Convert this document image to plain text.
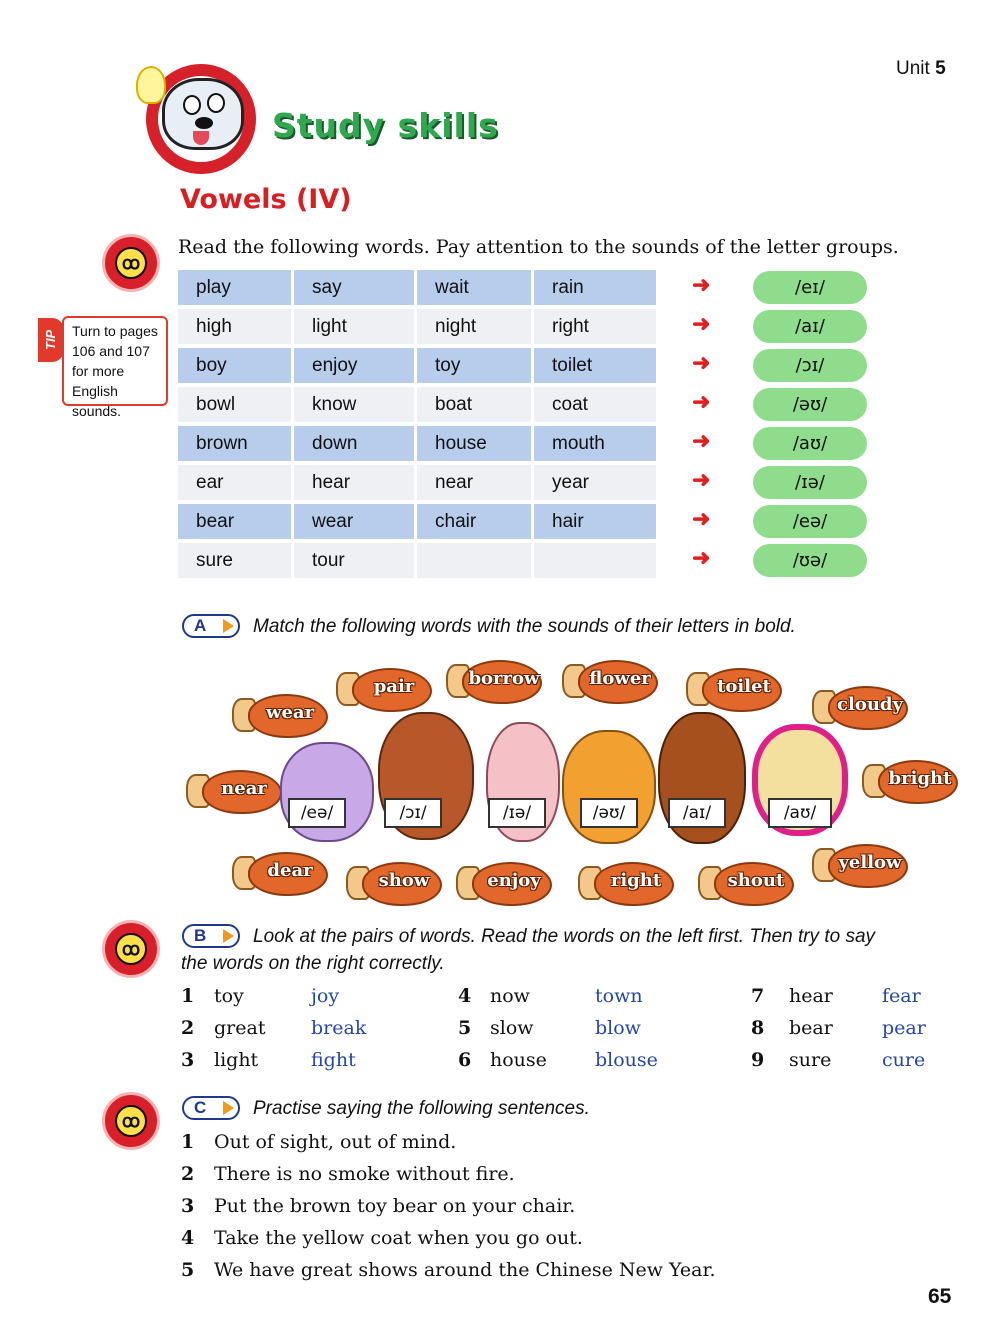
Unit 5
Study skills
Vowels (IV)
ꝏ
Read the following words. Pay attention to the sounds of the letter groups.
TIP	Turn to pages 106 and 107 for more English sounds.
play	say	wait	rain	➜	/eɪ/
high	light	night	right	➜	/aɪ/
boy	enjoy	toy	toilet	➜	/ɔɪ/
bowl	know	boat	coat	➜	/əʊ/
brown	down	house	mouth	➜	/aʊ/
ear	hear	near	year	➜	/ɪə/
bear	wear	chair	hair	➜	/eə/
sure	tour	➜	/ʊə/
A Match the following words with the sounds of their letters in bold.
wear
pair	borrow	flower	toilet
cloudy
near	bright
dear	show	enjoy	right	shout
yellow
/eə/	/ɔɪ/	/ɪə/	/əʊ/	/aɪ/	/aʊ/
ꝏ
B Look at the pairs of words. Read the words on the left first. Then try to say
the words on the right correctly.
1 toy	joy
2 great break
3 light	fight
4 now	town
5 slow	blow
6 house	blouse
7 hear	fear
8 bear	pear
9 sure	cure
ꝏ
C Practise saying the following sentences.
1 Out of sight, out of mind.
2 There is no smoke without fire.
3 Put the brown toy bear on your chair.
4 Take the yellow coat when you go out.
5 We have great shows around the Chinese New Year.
65
